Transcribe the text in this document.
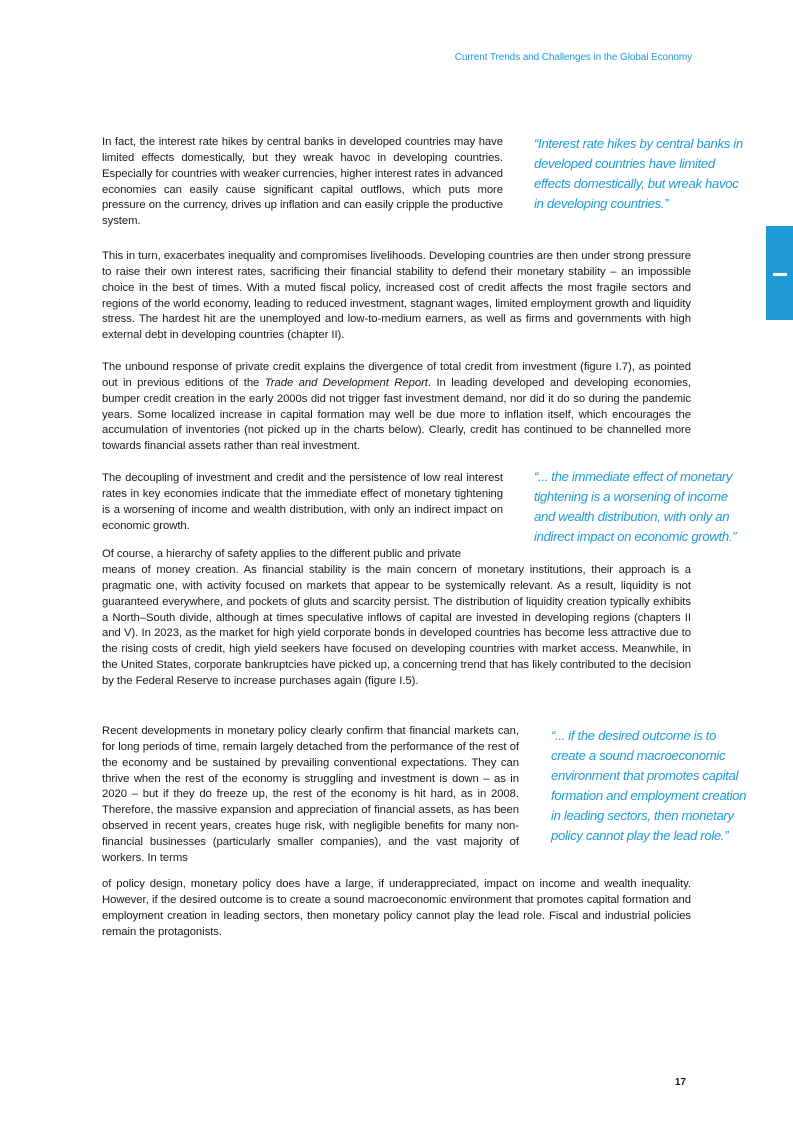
Current Trends and Challenges in the Global Economy

In fact, the interest rate hikes by central banks in developed countries may have limited effects domestically, but they wreak havoc in developing countries. Especially for countries with weaker currencies, higher interest rates in advanced economies can easily cause significant capital outflows, which puts more pressure on the currency, drives up inflation and can easily cripple the productive system.

“Interest rate hikes by central banks in developed countries have limited effects domestically, but wreak havoc in developing countries.”

This in turn, exacerbates inequality and compromises livelihoods. Developing countries are then under strong pressure to raise their own interest rates, sacrificing their financial stability to defend their monetary stability – an impossible choice in the best of times. With a muted fiscal policy, increased cost of credit affects the most fragile sectors and regions of the world economy, leading to reduced investment, stagnant wages, limited employment growth and liquidity stress. The hardest hit are the unemployed and low-to-medium earners, as well as firms and governments with high external debt in developing countries (chapter II).

The unbound response of private credit explains the divergence of total credit from investment (figure I.7), as pointed out in previous editions of the Trade and Development Report. In leading developed and developing economies, bumper credit creation in the early 2000s did not trigger fast investment demand, nor did it do so during the pandemic years. Some localized increase in capital formation may well be due more to inflation itself, which encourages the accumulation of inventories (not picked up in the charts below). Clearly, credit has continued to be channelled more towards financial assets rather than real investment.

The decoupling of investment and credit and the persistence of low real interest rates in key economies indicate that the immediate effect of monetary tightening is a worsening of income and wealth distribution, with only an indirect impact on economic growth.

“... the immediate effect of monetary tightening is a worsening of income and wealth distribution, with only an indirect impact on economic growth.”

Of course, a hierarchy of safety applies to the different public and private

means of money creation. As financial stability is the main concern of monetary institutions, their approach is a pragmatic one, with activity focused on markets that appear to be systemically relevant. As a result, liquidity is not guaranteed everywhere, and pockets of gluts and scarcity persist. The distribution of liquidity creation typically exhibits a North–South divide, although at times speculative inflows of capital are invested in developing regions (chapters II and V). In 2023, as the market for high yield corporate bonds in developed countries has become less attractive due to the rising costs of credit, high yield seekers have focused on developing countries with market access. Meanwhile, in the United States, corporate bankruptcies have picked up, a concerning trend that has likely contributed to the decision by the Federal Reserve to increase purchases again (figure I.5).

Recent developments in monetary policy clearly confirm that financial markets can, for long periods of time, remain largely detached from the performance of the rest of the economy and be sustained by prevailing conventional expectations. They can thrive when the rest of the economy is struggling and investment is down – as in 2020 – but if they do freeze up, the rest of the economy is hit hard, as in 2008. Therefore, the massive expansion and appreciation of financial assets, as has been observed in recent years, creates huge risk, with negligible benefits for many non-financial businesses (particularly smaller companies), and the vast majority of workers. In terms

of policy design, monetary policy does have a large, if underappreciated, impact on income and wealth inequality. However, if the desired outcome is to create a sound macroeconomic environment that promotes capital formation and employment creation in leading sectors, then monetary policy cannot play the lead role. Fiscal and industrial policies remain the protagonists.

“... if the desired outcome is to create a sound macroeconomic environment that promotes capital formation and employment creation in leading sectors, then monetary policy cannot play the lead role.”

17
